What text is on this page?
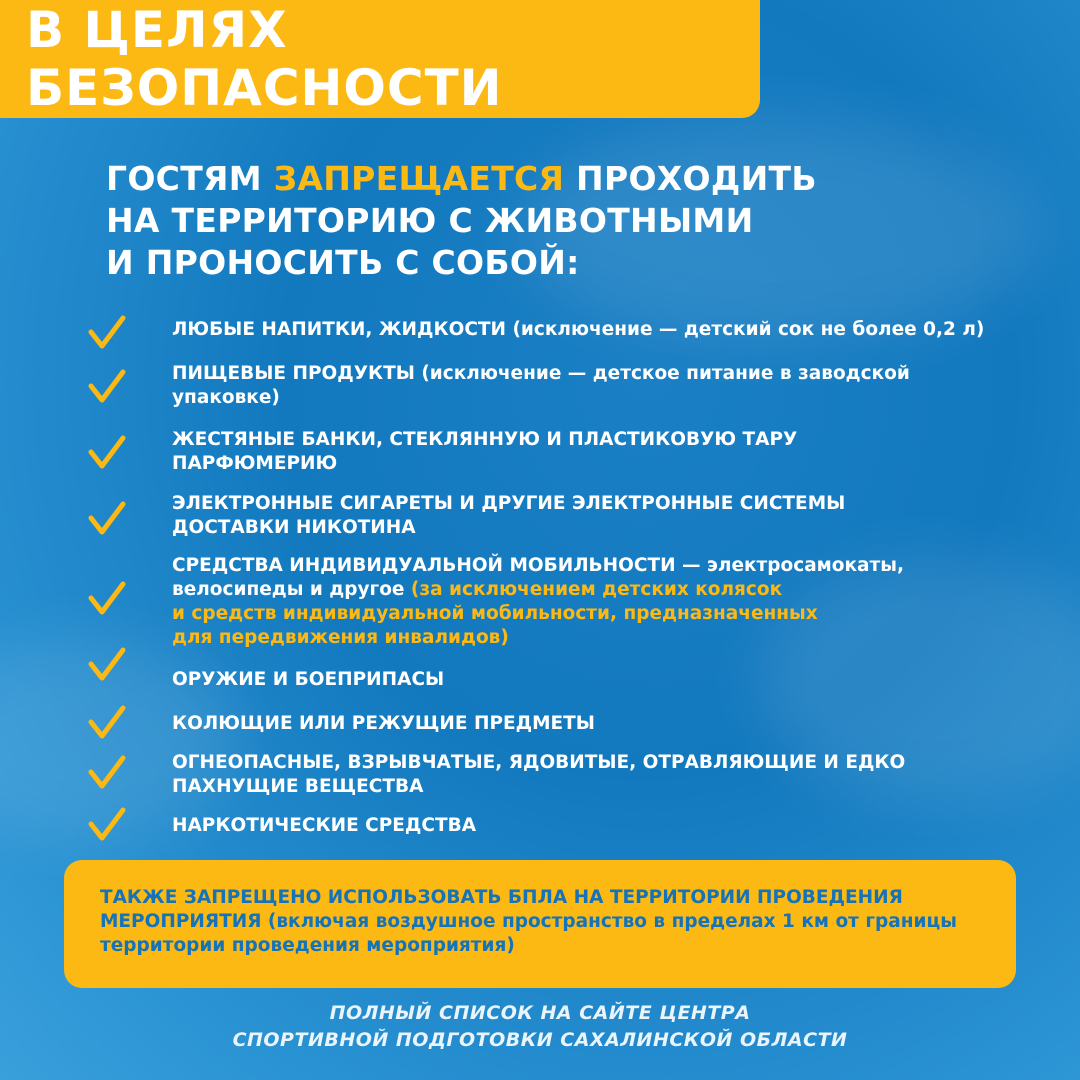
В ЦЕЛЯХ БЕЗОПАСНОСТИ
ГОСТЯМ ЗАПРЕЩАЕТСЯ ПРОХОДИТЬ
НА ТЕРРИТОРИЮ С ЖИВОТНЫМИ
И ПРОНОСИТЬ С СОБОЙ:
ЛЮБЫЕ НАПИТКИ, ЖИДКОСТИ (исключение — детский сок не более 0,2 л)
ПИЩЕВЫЕ ПРОДУКТЫ (исключение — детское питание в заводской упаковке)
ЖЕСТЯНЫЕ БАНКИ, СТЕКЛЯННУЮ И ПЛАСТИКОВУЮ ТАРУ
ПАРФЮМЕРИЮ
ЭЛЕКТРОННЫЕ СИГАРЕТЫ И ДРУГИЕ ЭЛЕКТРОННЫЕ СИСТЕМЫ
ДОСТАВКИ НИКОТИНА
СРЕДСТВА ИНДИВИДУАЛЬНОЙ МОБИЛЬНОСТИ — электросамокаты,
велосипеды и другое (за исключением детских колясок
и средств индивидуальной мобильности, предназначенных
для передвижения инвалидов)
ОРУЖИЕ И БОЕПРИПАСЫ
КОЛЮЩИЕ ИЛИ РЕЖУЩИЕ ПРЕДМЕТЫ
ОГНЕОПАСНЫЕ, ВЗРЫВЧАТЫЕ, ЯДОВИТЫЕ, ОТРАВЛЯЮЩИЕ И ЕДКО
ПАХНУЩИЕ ВЕЩЕСТВА
НАРКОТИЧЕСКИЕ СРЕДСТВА
ТАКЖЕ ЗАПРЕЩЕНО ИСПОЛЬЗОВАТЬ БПЛА НА ТЕРРИТОРИИ ПРОВЕДЕНИЯ
МЕРОПРИЯТИЯ (включая воздушное пространство в пределах 1 км от границы
территории проведения мероприятия)
ПОЛНЫЙ СПИСОК НА САЙТЕ ЦЕНТРА
СПОРТИВНОЙ ПОДГОТОВКИ САХАЛИНСКОЙ ОБЛАСТИ
